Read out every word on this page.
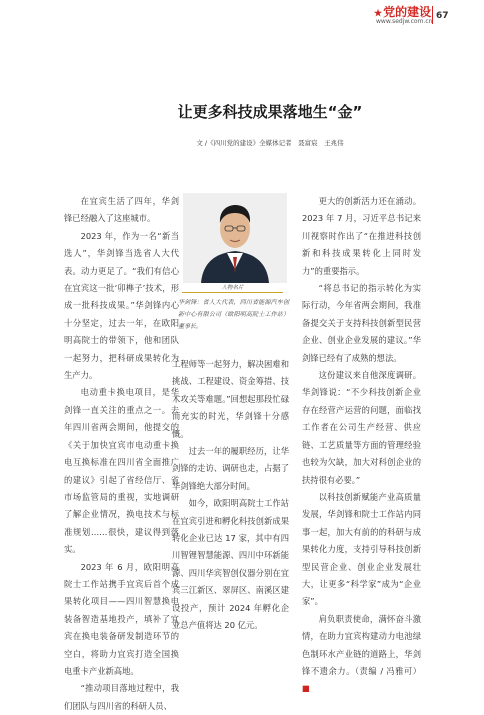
★党的建设
www.sedjw.com.cn
67
让更多科技成果落地生“金”
文 /《四川党的建设》全媒体记者　聂富宸　王兆伟

在宜宾生活了四年，华剑锋已经融入了这座城市。

2023 年，作为一名“新当选人”，华剑锋当选省人大代表。动力更足了。“我们有信心在宜宾这一批‘卯榫子’技术，形成一批科技成果。”华剑锋内心十分坚定，过去一年，在欧阳明高院士的带领下，他和团队一起努力，把科研成果转化为生产力。

电动重卡换电项目，是华剑锋一直关注的重点之一。去年四川省两会期间，他提交的《关于加快宜宾市电动重卡换电互换标准在四川省全面推广的建议》引起了省经信厅、省市场监管局的重视，实地调研了解企业情况，换电技术与标准规划……很快，建议得到落实。

2023 年 6 月，欧阳明高院士工作站携手宜宾后首个成果转化项目——四川智慧换电装备智造基地投产，填补了宜宾在换电装备研发制造环节的空白，将助力宜宾打造全国换电重卡产业新高地。

“推动项目落地过程中，我们团队与四川省的科研人员、

人物名片
华剑锋：省人大代表，四川省能源汽车创新中心有限公司（欧阳明高院士工作站）董事长。

工程师等一起努力，解决困难和挑战、工程建设、资金筹措、技术攻关等难题。”回想起那段忙碌而充实的时光，华剑锋十分感慨。

过去一年的履职经历，让华剑锋的走访、调研也走，占据了华剑锋绝大部分时间。

如今，欧阳明高院士工作站在宜宾引进和孵化科技创新成果转化企业已达 17 家，其中有四川智锂智慧能源、四川中环新能源、四川华宾智创仪器分别在宜宾三江新区、翠屏区、南溪区建设投产，预计 2024 年孵化企业总产值将达 20 亿元。

更大的创新活力还在涌动。2023 年 7 月，习近平总书记来川视察时作出了“在推进科技创新和科技成果转化上同时发力”的重要指示。

“将总书记的指示转化为实际行动，今年省两会期间，我准备提交关于支持科技创新型民营企业、创业企业发展的建议。”华剑锋已经有了成熟的想法。

这份建议来自他深度调研。华剑锋说：“不少科技创新企业存在经营产运营的问题，面临找工作者在公司生产经营、供应链、工艺质量等方面的管理经验也较为欠缺，加大对科创企业的扶持很有必要。”

以科技创新赋能产业高质量发展，华剑锋和院士工作站内同事一起，加大有前的的科研与成果转化力度，支持引导科技创新型民营企业、创业企业发展壮大，让更多“科学家”成为“企业家”。

肩负职责使命，满怀奋斗激情，在助力宜宾构建动力电池绿色制环水产业链的道路上，华剑锋不遗余力。（责编 / 冯雅可）■
